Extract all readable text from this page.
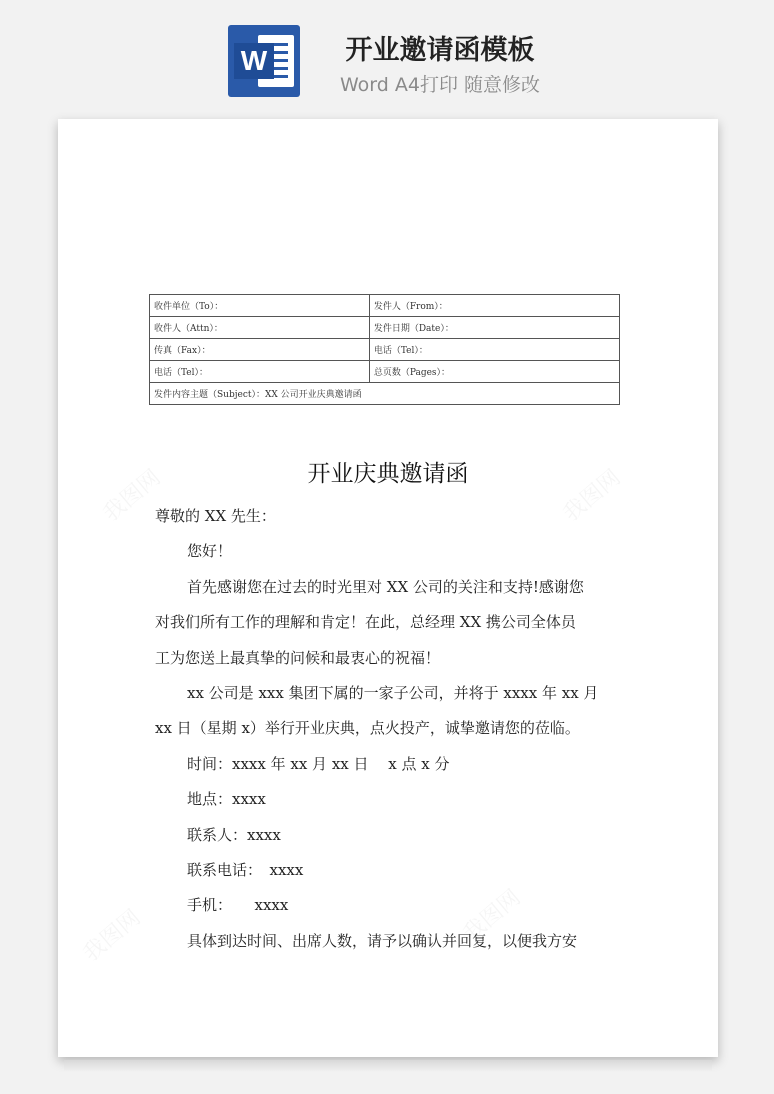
W	开业邀请函模板
Word A4打印 随意修改
收件单位（To）：	发件人（From）：
收件人（Attn）：	发件日期（Date）：
传真（Fax）：	电话（Tel）：
电话（Tel）：	总页数（Pages）：
发件内容主题（Subject）：XX 公司开业庆典邀请函	
开业庆典邀请函

尊敬的 XX 先生：

您好！

首先感谢您在过去的时光里对 XX 公司的关注和支持!感谢您

对我们所有工作的理解和肯定！在此，总经理 XX 携公司全体员

工为您送上最真挚的问候和最衷心的祝福！

xx 公司是 xxx 集团下属的一家子公司，并将于 xxxx 年 xx 月

xx 日（星期 x）举行开业庆典，点火投产，诚挚邀请您的莅临。

时间：xxxx 年 xx 月 xx 日　 x 点 x 分

地点：xxxx

联系人：xxxx

联系电话：　xxxx

手机：　　xxxx

具体到达时间、出席人数，请予以确认并回复，以便我方安
